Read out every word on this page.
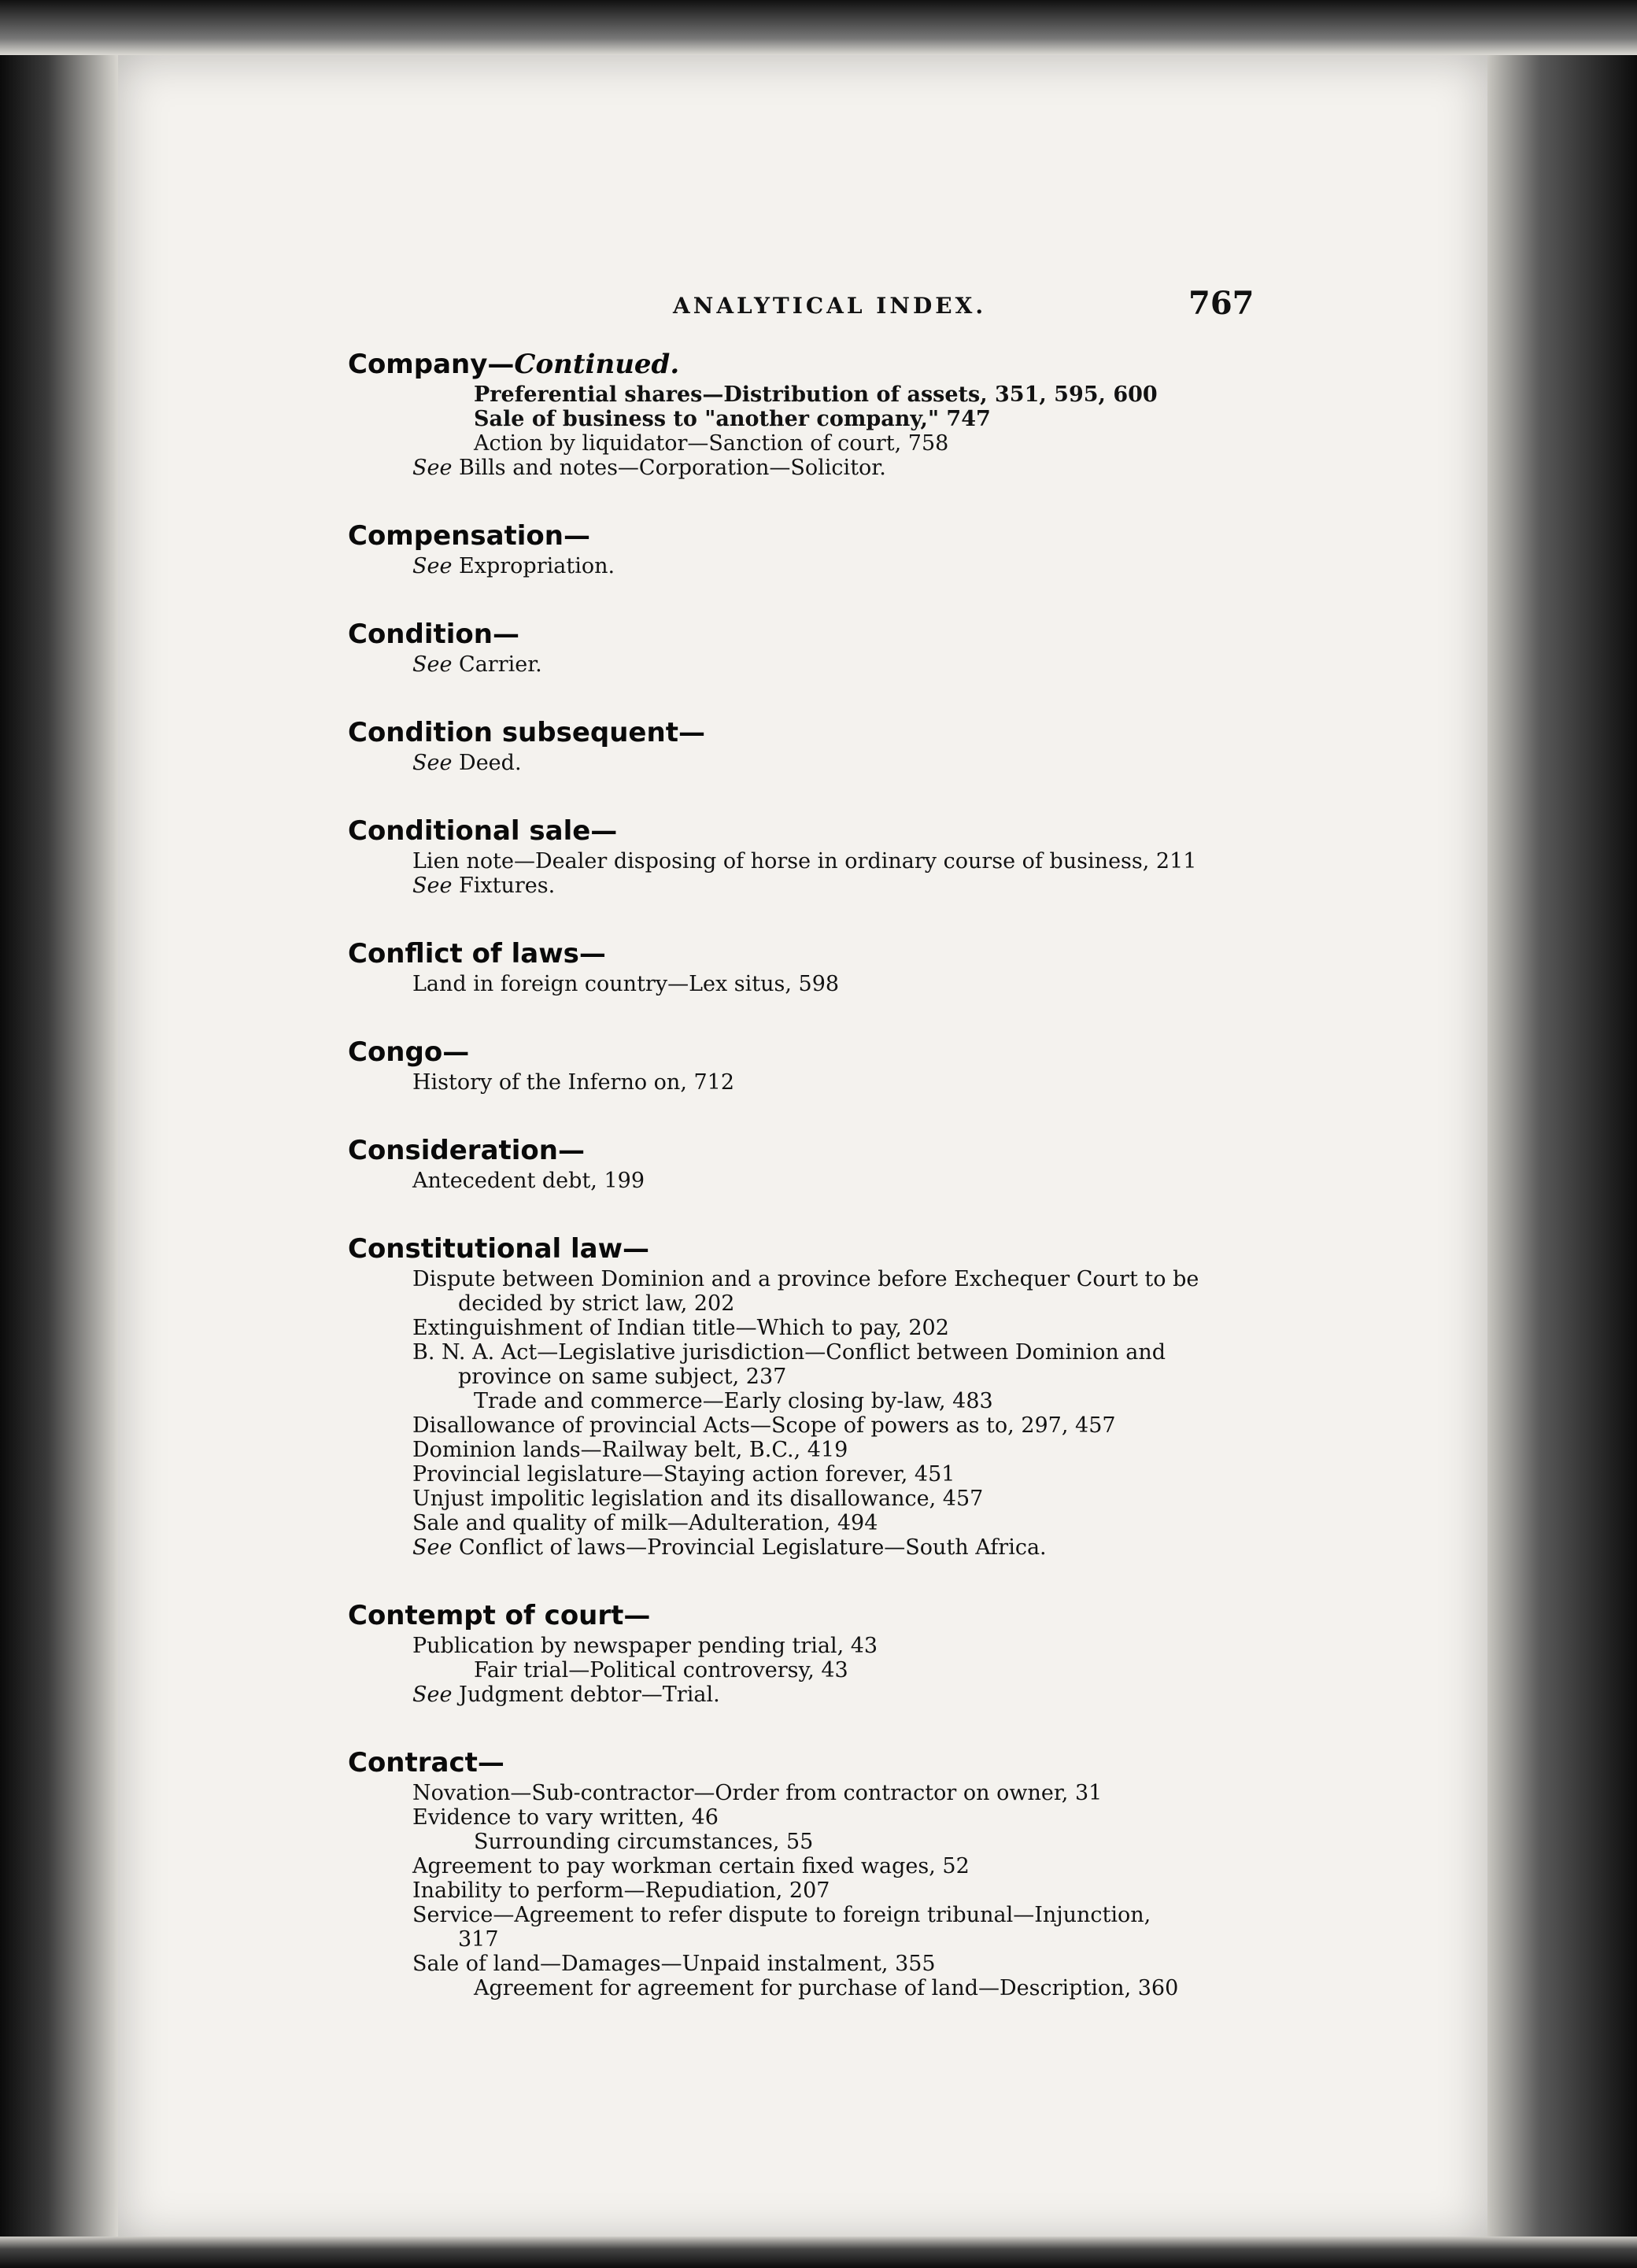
ANALYTICAL INDEX.	767
Company—Continued.
Preferential shares—Distribution of assets, 351, 595, 600
Sale of business to "another company," 747
Action by liquidator—Sanction of court, 758
See Bills and notes—Corporation—Solicitor.
Compensation—
See Expropriation.
Condition—
See Carrier.
Condition subsequent—
See Deed.
Conditional sale—
Lien note—Dealer disposing of horse in ordinary course of business, 211
See Fixtures.
Conflict of laws—
Land in foreign country—Lex situs, 598
Congo—
History of the Inferno on, 712
Consideration—
Antecedent debt, 199
Constitutional law—
Dispute between Dominion and a province before Exchequer Court to be
decided by strict law, 202
Extinguishment of Indian title—Which to pay, 202
B. N. A. Act—Legislative jurisdiction—Conflict between Dominion and
province on same subject, 237
Trade and commerce—Early closing by-law, 483
Disallowance of provincial Acts—Scope of powers as to, 297, 457
Dominion lands—Railway belt, B.C., 419
Provincial legislature—Staying action forever, 451
Unjust impolitic legislation and its disallowance, 457
Sale and quality of milk—Adulteration, 494
See Conflict of laws—Provincial Legislature—South Africa.
Contempt of court—
Publication by newspaper pending trial, 43
Fair trial—Political controversy, 43
See Judgment debtor—Trial.
Contract—
Novation—Sub-contractor—Order from contractor on owner, 31
Evidence to vary written, 46
Surrounding circumstances, 55
Agreement to pay workman certain fixed wages, 52
Inability to perform—Repudiation, 207
Service—Agreement to refer dispute to foreign tribunal—Injunction,
317
Sale of land—Damages—Unpaid instalment, 355
Agreement for agreement for purchase of land—Description, 360
